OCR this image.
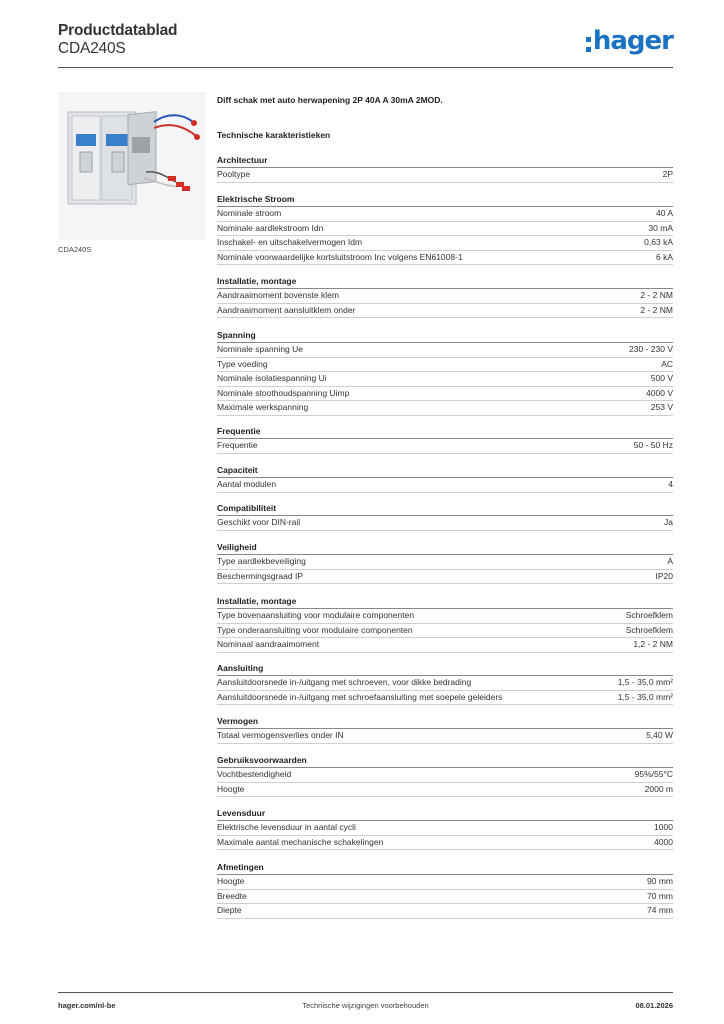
Productdatablad
CDA240S	hager
CDA240S
Diff schak met auto herwapening 2P 40A A 30mA 2MOD.
Technische karakteristieken
Architectuur
Pooltype	2P
Elektrische Stroom
Nominale stroom	40 A
Nominale aardlekstroom Idn	30 mA
Inschakel- en uitschakelvermogen Idm	0,63 kA
Nominale voorwaardelijke kortsluitstroom Inc volgens EN61008-1	6 kA
Installatie, montage
Aandraaimoment bovenste klem	2 - 2 NM
Aandraaimoment aansluitklem onder	2 - 2 NM
Spanning
Nominale spanning Ue	230 - 230 V
Type voeding	AC
Nominale isolatiespanning Ui	500 V
Nominale stoothoudspanning Uimp	4000 V
Maximale werkspanning	253 V
Frequentie
Frequentie	50 - 50 Hz
Capaciteit
Aantal modulen	4
Compatibiliteit
Geschikt voor DIN-rail	Ja
Veiligheid
Type aardlekbeveiliging	A
Beschermingsgraad IP	IP20
Installatie, montage
Type bovenaansluiting voor modulaire componenten	Schroefklem
Type onderaansluiting voor modulaire componenten	Schroefklem
Nominaal aandraaimoment	1,2 - 2 NM
Aansluiting
Aansluitdoorsnede in-/uitgang met schroeven, voor dikke bedrading	1,5 - 35,0 mm²
Aansluitdoorsnede in-/uitgang met schroefaansluiting met soepele geleiders	1,5 - 35,0 mm²
Vermogen
Totaal vermogensverlies onder IN	5,40 W
Gebruiksvoorwaarden
Vochtbestendigheid	95%/55°C
Hoogte	2000 m
Levensduur
Elektrische levensduur in aantal cycli	1000
Maximale aantal mechanische schakelingen	4000
Afmetingen
Hoogte	90 mm
Breedte	70 mm
Diepte	74 mm
hager.com/nl-be	Technische wijzigingen voorbehouden	08.01.2026
